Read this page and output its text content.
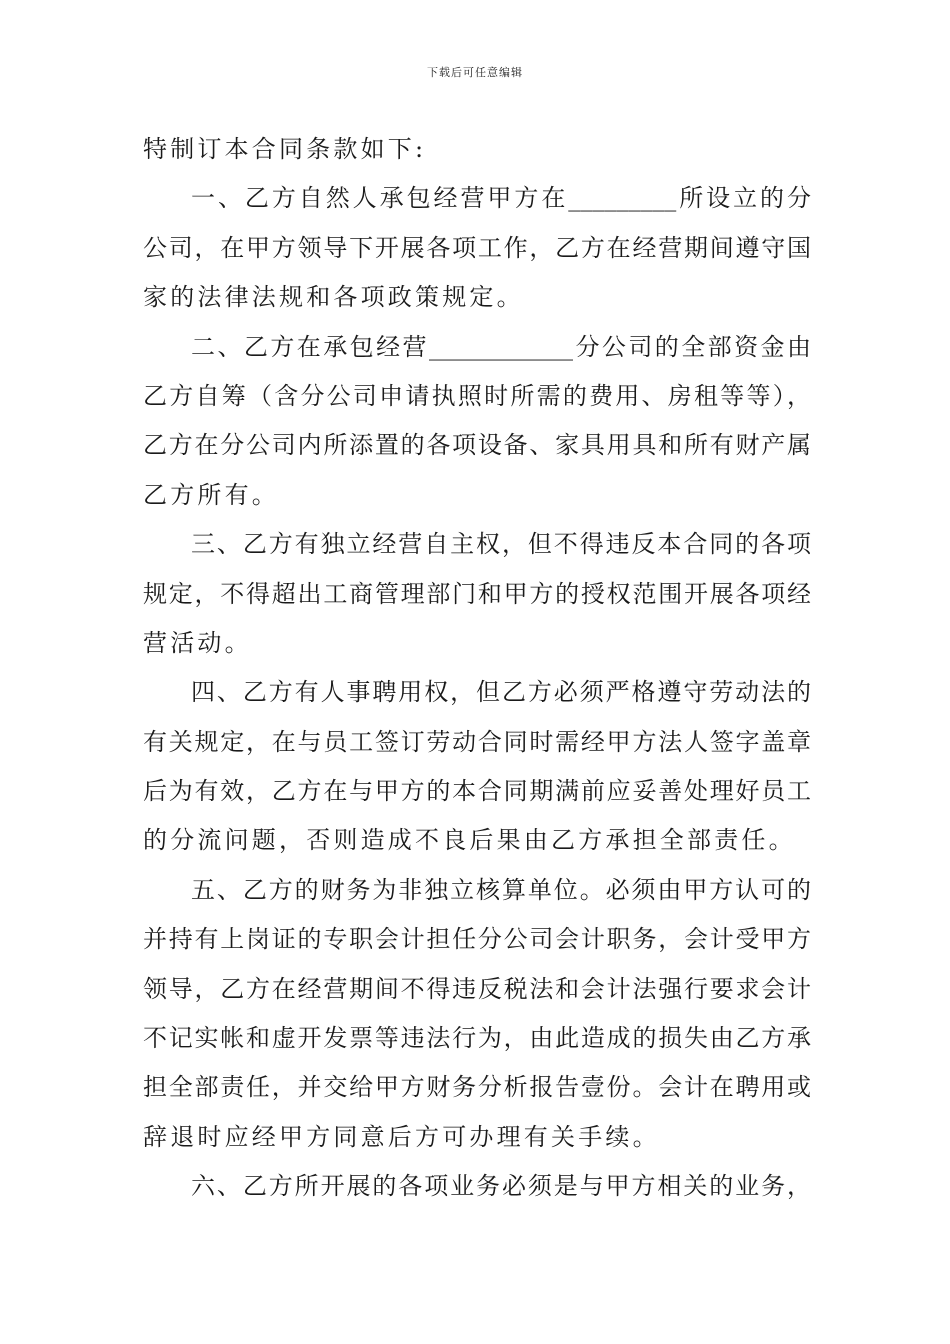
下载后可任意编辑
特制订本合同条款如下:
一、乙方自然人承包经营甲方在_________所设立的分
公司，在甲方领导下开展各项工作，乙方在经营期间遵守国
家的法律法规和各项政策规定。
二、乙方在承包经营____________分公司的全部资金由
乙方自筹（含分公司申请执照时所需的费用、房租等等），
乙方在分公司内所添置的各项设备、家具用具和所有财产属
乙方所有。
三、乙方有独立经营自主权，但不得违反本合同的各项
规定，不得超出工商管理部门和甲方的授权范围开展各项经
营活动。
四、乙方有人事聘用权，但乙方必须严格遵守劳动法的
有关规定，在与员工签订劳动合同时需经甲方法人签字盖章
后为有效，乙方在与甲方的本合同期满前应妥善处理好员工
的分流问题，否则造成不良后果由乙方承担全部责任。
五、乙方的财务为非独立核算单位。必须由甲方认可的
并持有上岗证的专职会计担任分公司会计职务，会计受甲方
领导，乙方在经营期间不得违反税法和会计法强行要求会计
不记实帐和虚开发票等违法行为，由此造成的损失由乙方承
担全部责任，并交给甲方财务分析报告壹份。会计在聘用或
辞退时应经甲方同意后方可办理有关手续。
六、乙方所开展的各项业务必须是与甲方相关的业务，
